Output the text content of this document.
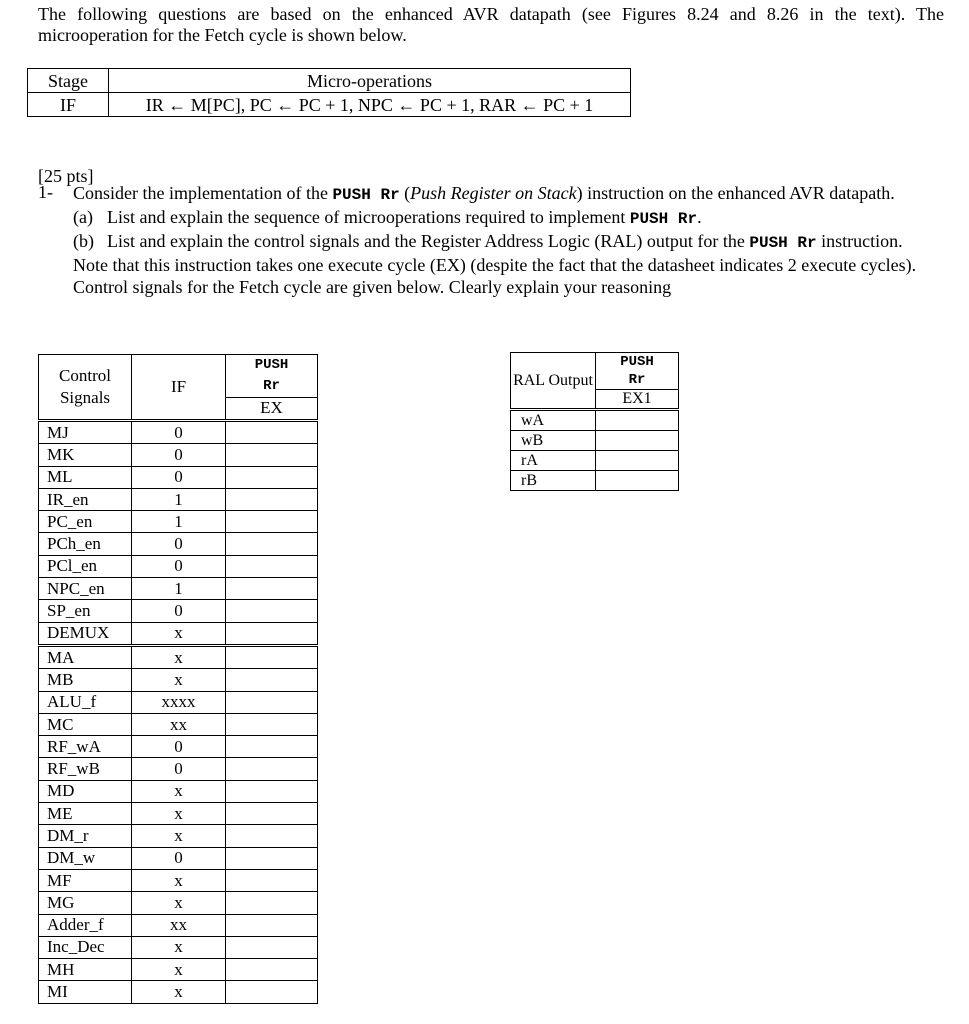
The following questions are based on the enhanced AVR datapath (see Figures 8.24 and 8.26 in the text). The
microoperation for the Fetch cycle is shown below.
Stage	Micro-operations
IF	IR ← M[PC], PC ← PC + 1, NPC ← PC + 1, RAR ← PC + 1
[25 pts]
1- Consider the implementation of the PUSH Rr (Push Register on Stack) instruction on the enhanced AVR datapath.
(a) List and explain the sequence of microoperations required to implement PUSH Rr.
(b) List and explain the control signals and the Register Address Logic (RAL) output for the PUSH Rr instruction.
Note that this instruction takes one execute cycle (EX) (despite the fact that the datasheet indicates 2 execute cycles). Control signals for the Fetch cycle are given below. Clearly explain your reasoning
Control Signals	IF	PUSH
		Rr
		EX
MJ	0	
MK	0	
ML	0	
IR_en	1	
PC_en	1	
PCh_en	0	
PCl_en	0	
NPC_en	1	
SP_en	0	
DEMUX	x	
MA	x	
MB	x	
ALU_f	xxxx	
MC	xx	
RF_wA	0	
RF_wB	0	
MD	x	
ME	x	
DM_r	x	
DM_w	0	
MF	x	
MG	x	
Adder_f	xx	
Inc_Dec	x	
MH	x	
MI	x	
RAL Output	PUSH
	Rr
	EX1
wA	
wB	
rA	
rB	
